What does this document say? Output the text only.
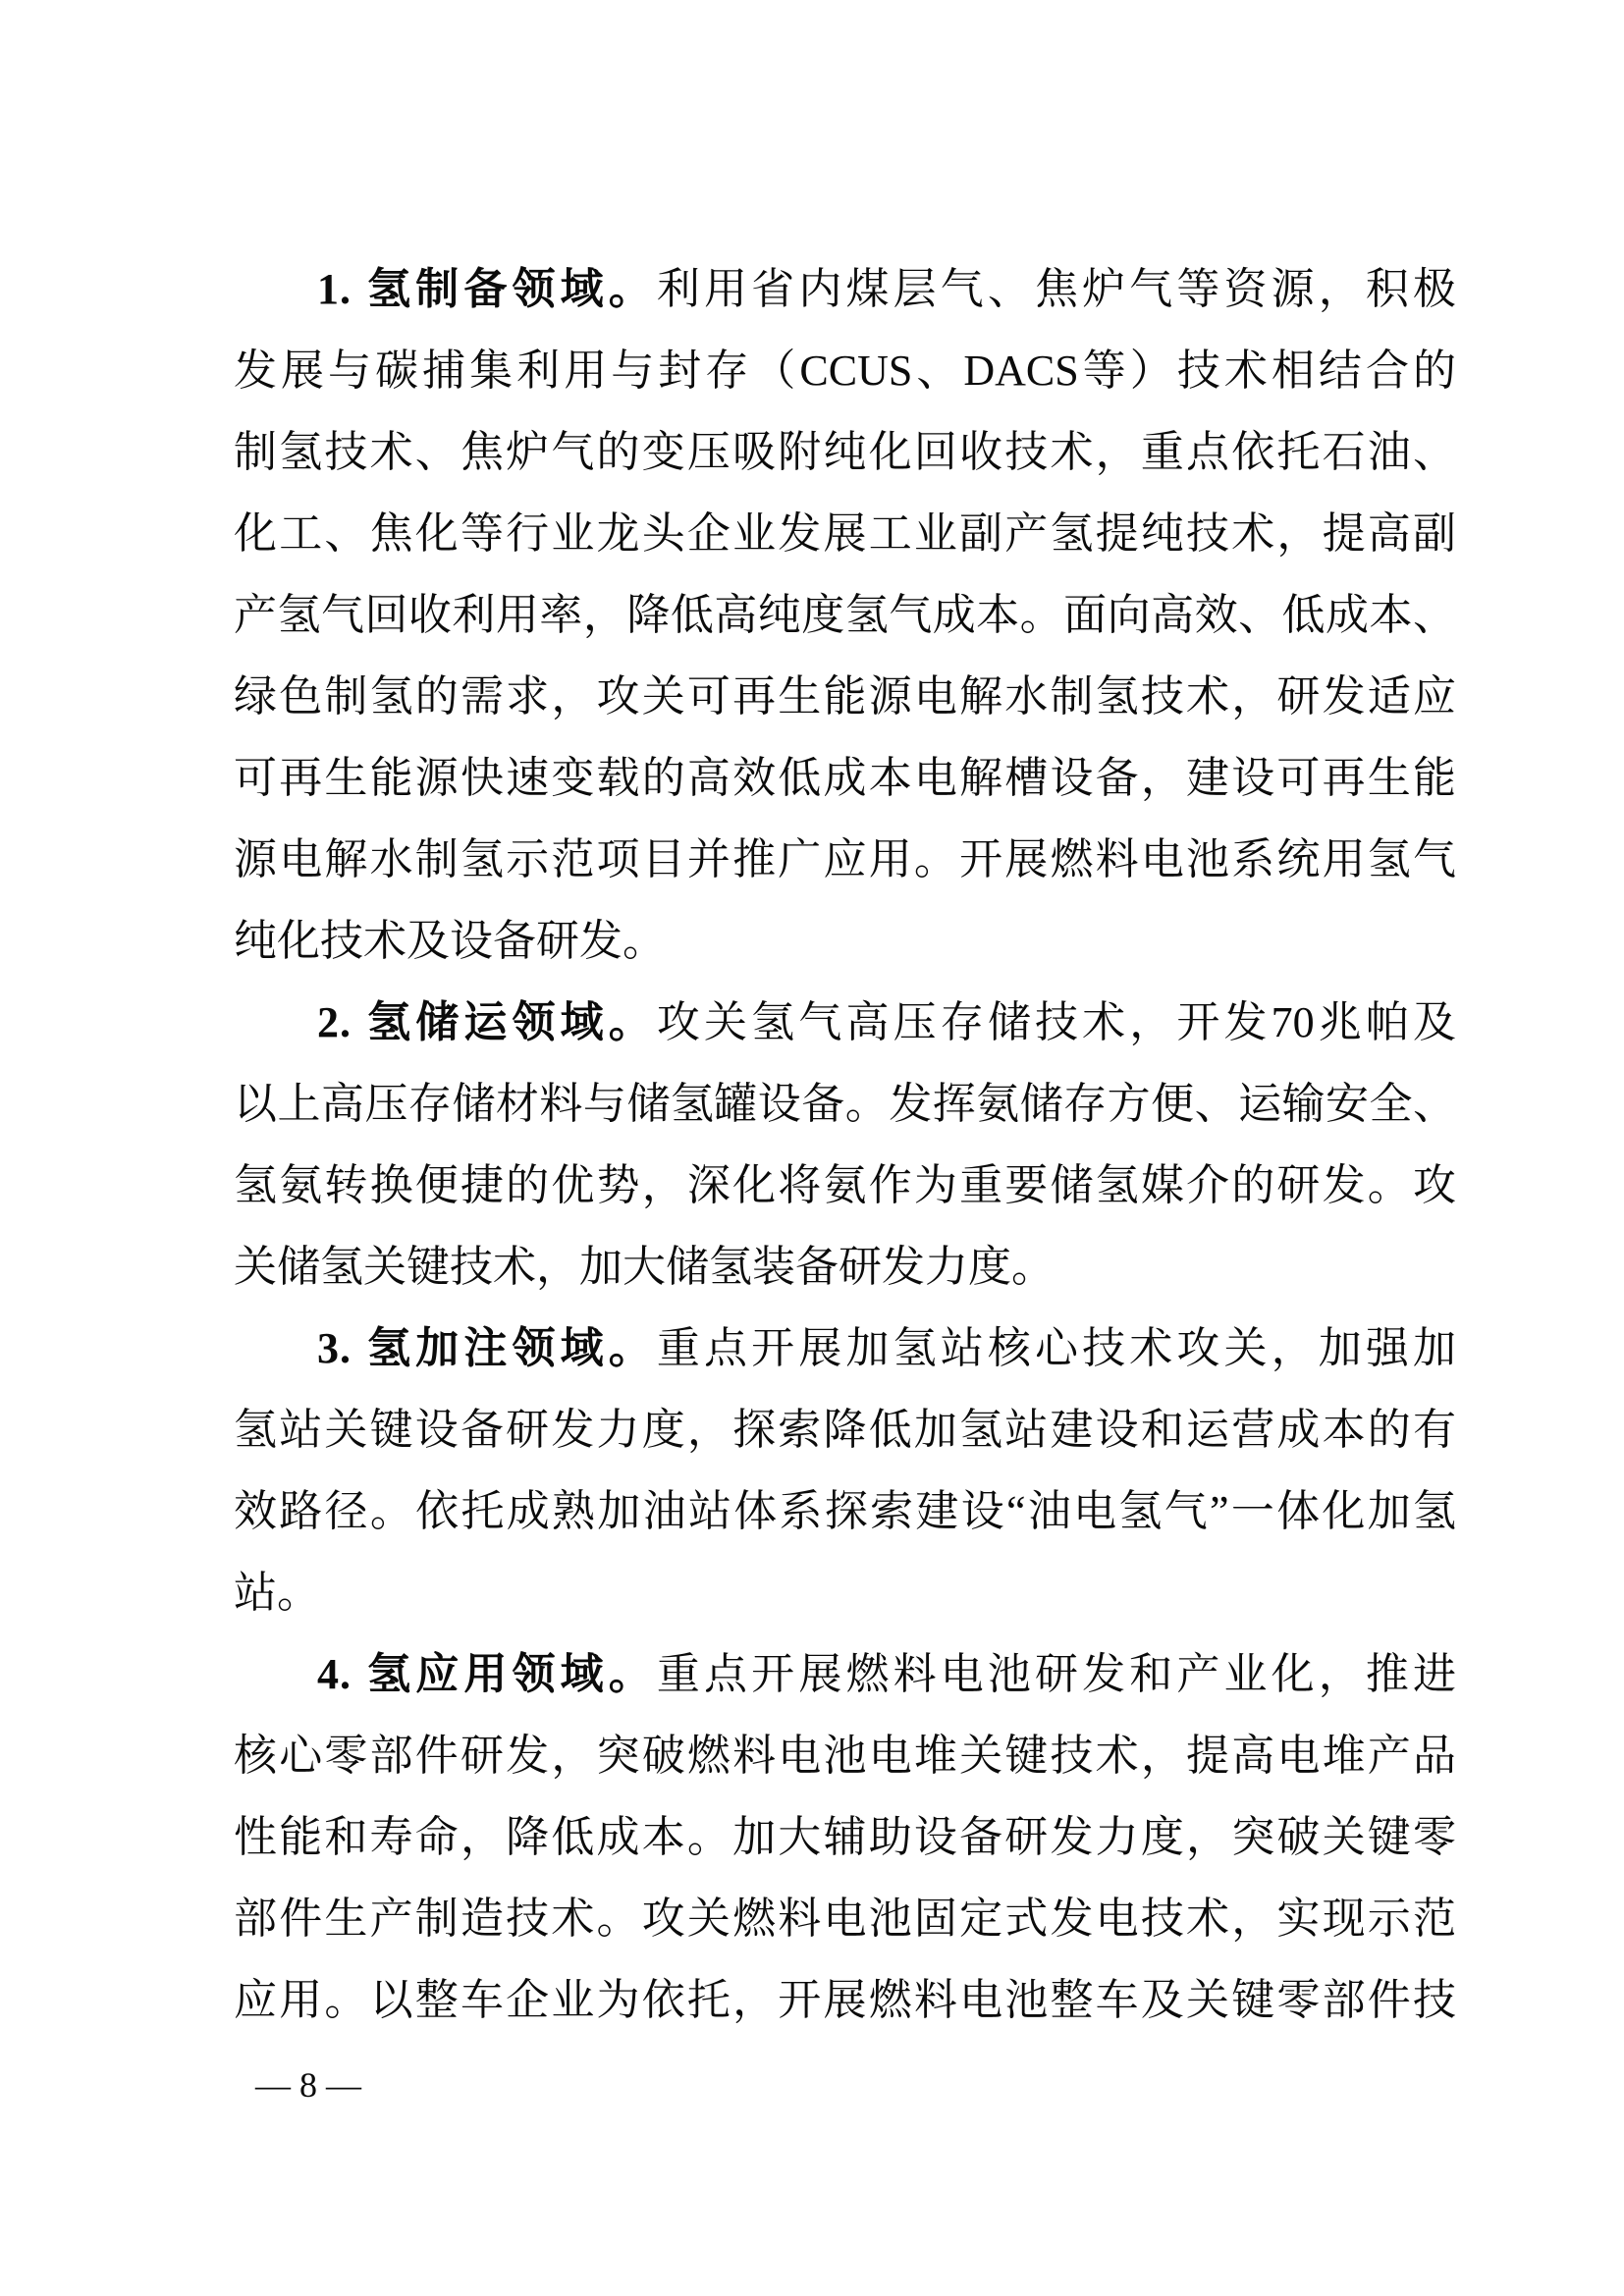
1. 氢制备领域。利用省内煤层气、焦炉气等资源，积极
发展与碳捕集利用与封存（CCUS、DACS等）技术相结合的
制氢技术、焦炉气的变压吸附纯化回收技术，重点依托石油、
化工、焦化等行业龙头企业发展工业副产氢提纯技术，提高副
产氢气回收利用率，降低高纯度氢气成本。面向高效、低成本、
绿色制氢的需求，攻关可再生能源电解水制氢技术，研发适应
可再生能源快速变载的高效低成本电解槽设备，建设可再生能
源电解水制氢示范项目并推广应用。开展燃料电池系统用氢气
纯化技术及设备研发。
2. 氢储运领域。攻关氢气高压存储技术，开发70兆帕及
以上高压存储材料与储氢罐设备。发挥氨储存方便、运输安全、
氢氨转换便捷的优势，深化将氨作为重要储氢媒介的研发。攻
关储氢关键技术，加大储氢装备研发力度。
3. 氢加注领域。重点开展加氢站核心技术攻关，加强加
氢站关键设备研发力度，探索降低加氢站建设和运营成本的有
效路径。依托成熟加油站体系探索建设“油电氢气”一体化加氢
站。
4. 氢应用领域。重点开展燃料电池研发和产业化，推进
核心零部件研发，突破燃料电池电堆关键技术，提高电堆产品
性能和寿命，降低成本。加大辅助设备研发力度，突破关键零
部件生产制造技术。攻关燃料电池固定式发电技术，实现示范
应用。以整车企业为依托，开展燃料电池整车及关键零部件技
— 8 —
